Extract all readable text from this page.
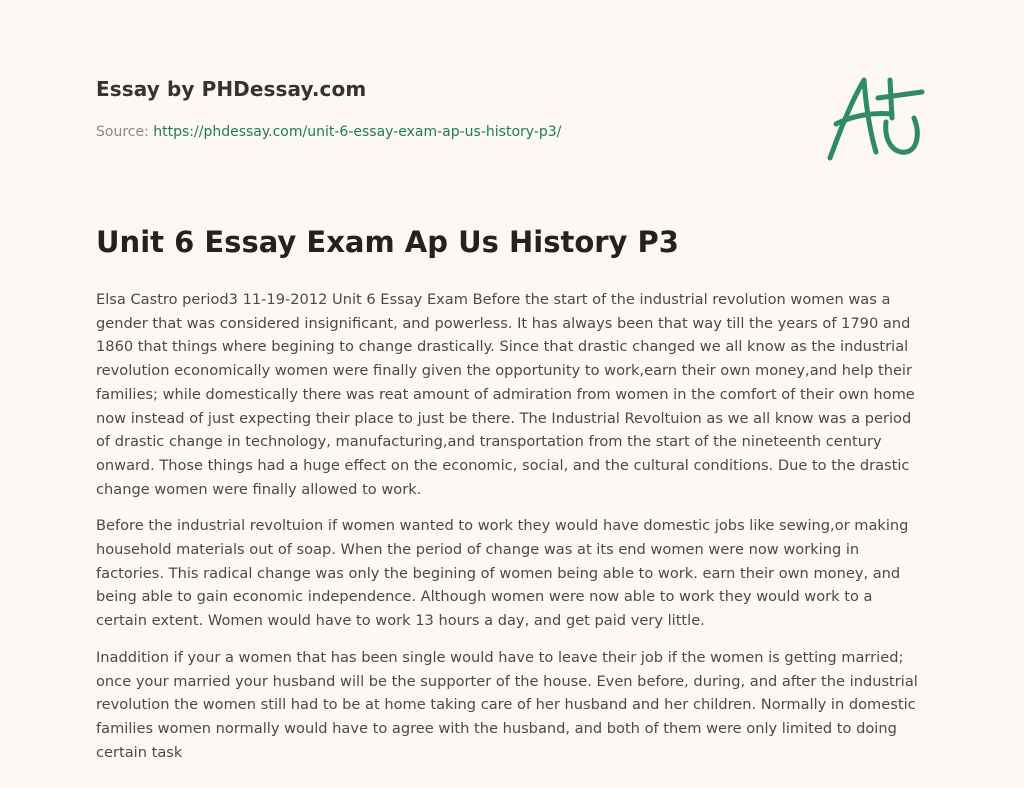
Essay by PHDessay.com
Source: https://phdessay.com/unit-6-essay-exam-ap-us-history-p3/
Unit 6 Essay Exam Ap Us History P3

Elsa Castro period3 11-19-2012 Unit 6 Essay Exam Before the start of the industrial revolution women was a gender that was considered insignificant, and powerless. It has always been that way till the years of 1790 and 1860 that things where begining to change drastically. Since that drastic changed we all know as the industrial revolution economically women were finally given the opportunity to work,earn their own money,and help their families; while domestically there was reat amount of admiration from women in the comfort of their own home now instead of just expecting their place to just be there. The Industrial Revoltuion as we all know was a period of drastic change in technology, manufacturing,and transportation from the start of the nineteenth century onward. Those things had a huge effect on the economic, social, and the cultural conditions. Due to the drastic change women were finally allowed to work.

Before the industrial revoltuion if women wanted to work they would have domestic jobs like sewing,or making household materials out of soap. When the period of change was at its end women were now working in factories. This radical change was only the begining of women being able to work. earn their own money, and being able to gain economic independence. Although women were now able to work they would work to a certain extent. Women would have to work 13 hours a day, and get paid very little.

Inaddition if your a women that has been single would have to leave their job if the women is getting married; once your married your husband will be the supporter of the house. Even before, during, and after the industrial revolution the women still had to be at home taking care of her husband and her children. Normally in domestic families women normally would have to agree with the husband, and both of them were only limited to doing certain task
